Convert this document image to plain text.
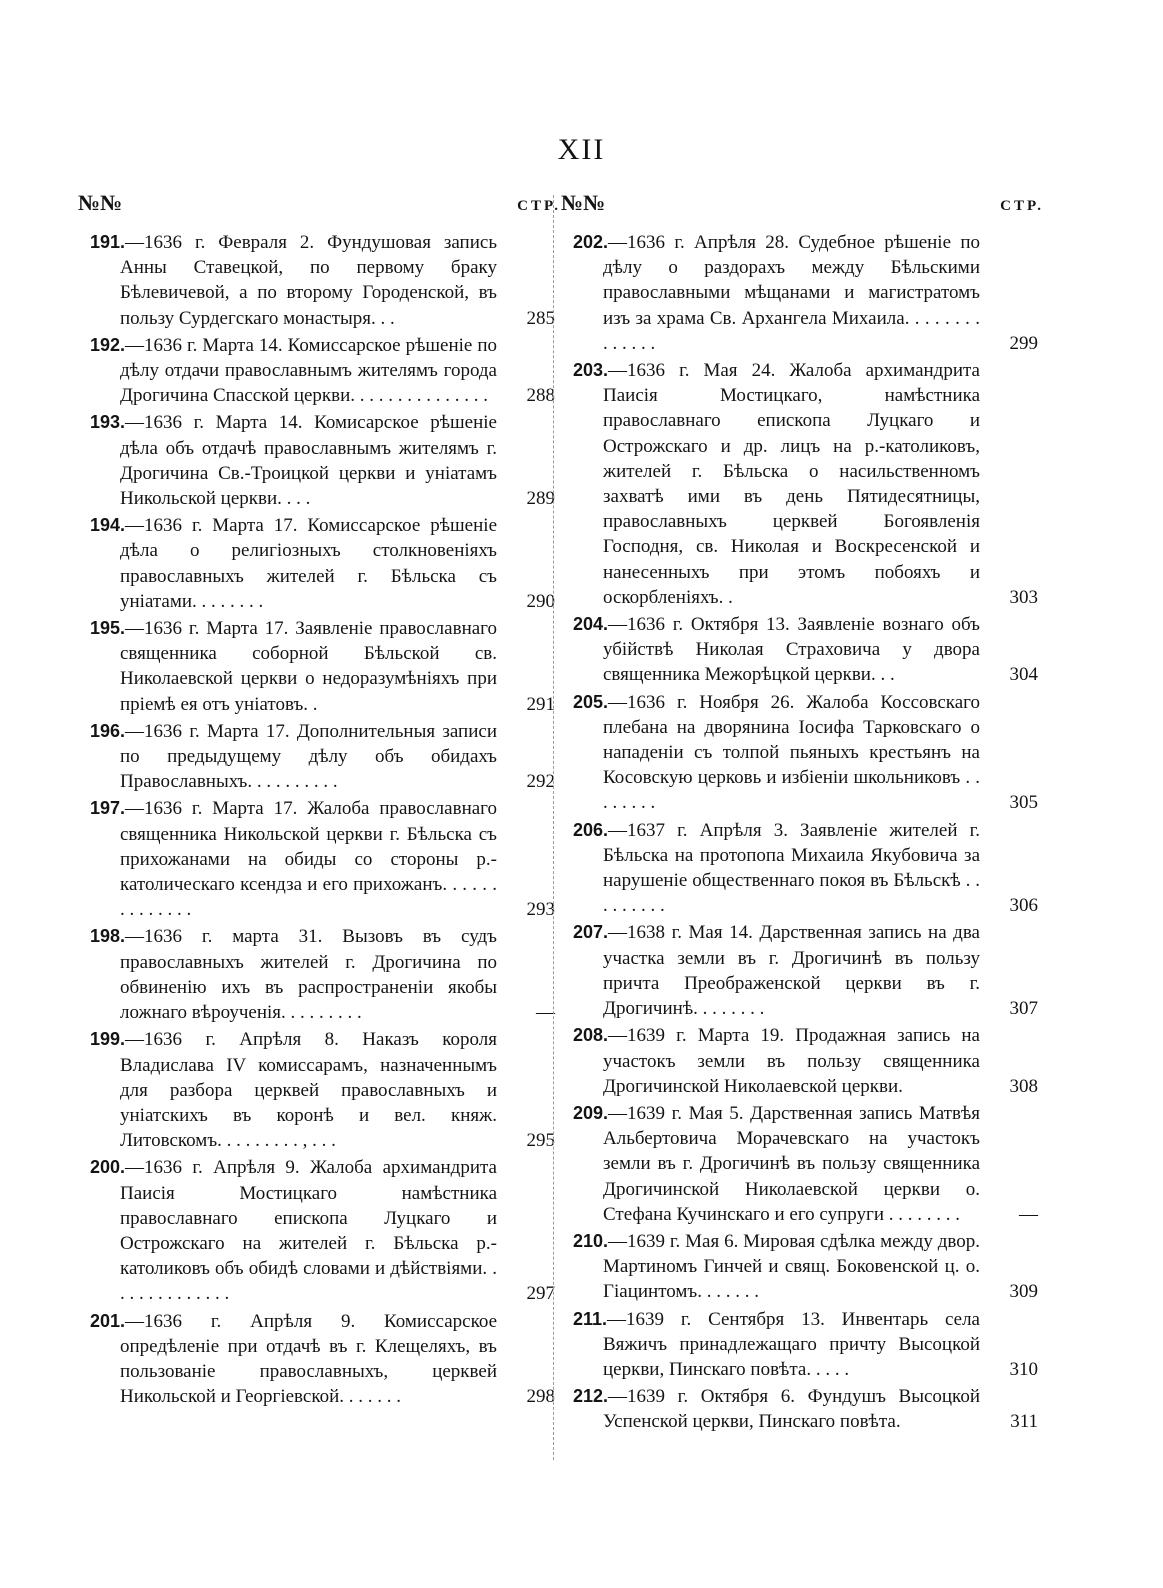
XII
№№	СТР.
191.—1636 г. Февраля 2. Фундушовая запись Анны Ставецкой, по первому браку Бѣлевичевой, а по второму Городенской, въ пользу Сурдегскаго монастыря. . .	285
192.—1636 г. Марта 14. Комиссарское рѣшеніе по дѣлу отдачи православнымъ жителямъ города Дрогичина Спасской церкви. . . . . . . . . . . . . . .	288
193.—1636 г. Марта 14. Комисарское рѣшеніе дѣла объ отдачѣ православнымъ жителямъ г. Дрогичина Св.-Троицкой церкви и уніатамъ Никольской церкви. . . .	289
194.—1636 г. Марта 17. Комиссарское рѣшеніе дѣла о религіозныхъ столкновеніяхъ православныхъ жителей г. Бѣльска съ уніатами. . . . . . . .	290
195.—1636 г. Марта 17. Заявленіе православнаго священника соборной Бѣльской св. Николаевской церкви о недоразумѣніяхъ при пріемѣ ея отъ уніатовъ. .	291
196.—1636 г. Марта 17. Дополнительныя записи по предыдущему дѣлу объ обидахъ Православныхъ. . . . . . . . . .	292
197.—1636 г. Марта 17. Жалоба православнаго священника Никольской церкви г. Бѣльска съ прихожанами на обиды со стороны р.-католическаго ксендза и его прихожанъ. . . . . . . . . . . . . .	293
198.—1636 г. марта 31. Вызовъ въ судъ православныхъ жителей г. Дрогичина по обвиненію ихъ въ распространеніи якобы ложнаго вѣроученія. . . . . . . . .	—
199.—1636 г. Апрѣля 8. Наказъ короля Владислава IV комиссарамъ, назначеннымъ для разбора церквей православныхъ и уніатскихъ въ коронѣ и вел. княж. Литовскомъ. . . . . . . . . , . . .	295
200.—1636 г. Апрѣля 9. Жалоба архимандрита Паисія Мостицкаго намѣстника православнаго епископа Луцкаго и Острожскаго на жителей г. Бѣльска р.-католиковъ объ обидѣ словами и дѣйствіями. . . . . . . . . . . . . .	297
201.—1636 г. Апрѣля 9. Комиссарское опредѣленіе при отдачѣ въ г. Клещеляхъ, въ пользованіе православныхъ, церквей Никольской и Георгіевской. . . . . . .	298
№№	СТР.
202.—1636 г. Апрѣля 28. Судебное рѣшеніе по дѣлу о раздорахъ между Бѣльскими православными мѣщанами и магистратомъ изъ за храма Св. Архангела Михаила. . . . . . . . . . . . . .	299
203.—1636 г. Мая 24. Жалоба архимандрита Паисія Мостицкаго, намѣстника православнаго епископа Луцкаго и Острожскаго и др. лицъ на р.-католиковъ, жителей г. Бѣльска о насильственномъ захватѣ ими въ день Пятидесятницы, православныхъ церквей Богоявленія Господня, св. Николая и Воскресенской и нанесенныхъ при этомъ побояхъ и оскорбленіяхъ. .	303
204.—1636 г. Октября 13. Заявленіе вознаго объ убійствѣ Николая Страховича у двора священника Межорѣцкой церкви. . .	304
205.—1636 г. Ноября 26. Жалоба Коссовскаго плебана на дворянина Іосифа Тарковскаго о нападеніи съ толпой пьяныхъ крестьянъ на Косовскую церковь и избіеніи школьниковъ . . . . . . . .	305
206.—1637 г. Апрѣля 3. Заявленіе жителей г. Бѣльска на протопопа Михаила Якубовича за нарушеніе общественнаго покоя въ Бѣльскѣ . . . . . . . . .	306
207.—1638 г. Мая 14. Дарственная запись на два участка земли въ г. Дрогичинѣ въ пользу причта Преображенской церкви въ г. Дрогичинѣ. . . . . . . .	307
208.—1639 г. Марта 19. Продажная запись на участокъ земли въ пользу священника Дрогичинской Николаевской церкви.	308
209.—1639 г. Мая 5. Дарственная запись Матвѣя Альбертовича Морачевскаго на участокъ земли въ г. Дрогичинѣ въ пользу священника Дрогичинской Николаевской церкви о. Стефана Кучинскаго и его супруги . . . . . . . .	—
210.—1639 г. Мая 6. Мировая сдѣлка между двор. Мартиномъ Гинчей и свящ. Боковенской ц. о. Гіацинтомъ. . . . . . .	309
211.—1639 г. Сентября 13. Инвентарь села Вяжичъ принадлежащаго причту Высоцкой церкви, Пинскаго повѣта. . . . .	310
212.—1639 г. Октября 6. Фундушъ Высоцкой Успенской церкви, Пинскаго повѣта.	311
